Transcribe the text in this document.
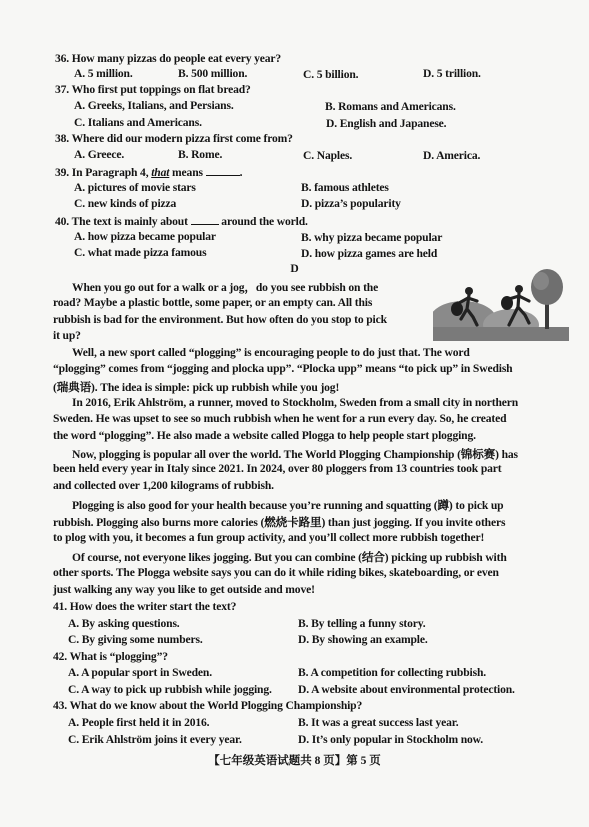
36. How many pizzas do people eat every year?
A. 5 million.	B. 500 million.	C. 5 billion.	D. 5 trillion.
37. Who first put toppings on flat bread?
A. Greeks, Italians, and Persians.	B. Romans and Americans.
C. Italians and Americans.	D. English and Japanese.
38. Where did our modern pizza first come from?
A. Greece.	B. Rome.	C. Naples.	D. America.
39. In Paragraph 4, that means	.
A. pictures of movie stars	B. famous athletes
C. new kinds of pizza	D. pizza’s popularity
40. The text is mainly about  around the world.
A. how pizza became popular	B. why pizza became popular
C. what made pizza famous	D. how pizza games are held
D
When you go out for a walk or a jog，do you see rubbish on the
road? Maybe a plastic bottle, some paper, or an empty can. All this
rubbish is bad for the environment. But how often do you stop to pick
it up?
Well, a new sport called “plogging” is encouraging people to do just that. The word
“plogging” comes from “jogging and plocka upp”. “Plocka upp” means “to pick up” in Swedish
(瑞典语). The idea is simple: pick up rubbish while you jog!
In 2016, Erik Ahlström, a runner, moved to Stockholm, Sweden from a small city in northern
Sweden. He was upset to see so much rubbish when he went for a run every day. So, he created
the word “plogging”. He also made a website called Plogga to help people start plogging.
Now, plogging is popular all over the world. The World Plogging Championship (锦标赛) has
been held every year in Italy since 2021. In 2024, over 80 ploggers from 13 countries took part
and collected over 1,200 kilograms of rubbish.
Plogging is also good for your health because you’re running and squatting (蹲) to pick up
rubbish. Plogging also burns more calories (燃烧卡路里) than just jogging. If you invite others
to plog with you, it becomes a fun group activity, and you’ll collect more rubbish together!
Of course, not everyone likes jogging. But you can combine (结合) picking up rubbish with
other sports. The Plogga website says you can do it while riding bikes, skateboarding, or even
just walking any way you like to get outside and move!
41. How does the writer start the text?
A. By asking questions.	B. By telling a funny story.
C. By giving some numbers.	D. By showing an example.
42. What is “plogging”?
A. A popular sport in Sweden.	B. A competition for collecting rubbish.
C. A way to pick up rubbish while jogging. D. A website about environmental protection.
43. What do we know about the World Plogging Championship?
A. People first held it in 2016.	B. It was a great success last year.
C. Erik Ahlström joins it every year.	D. It’s only popular in Stockholm now.
【七年级英语试题共 8 页】第 5 页
